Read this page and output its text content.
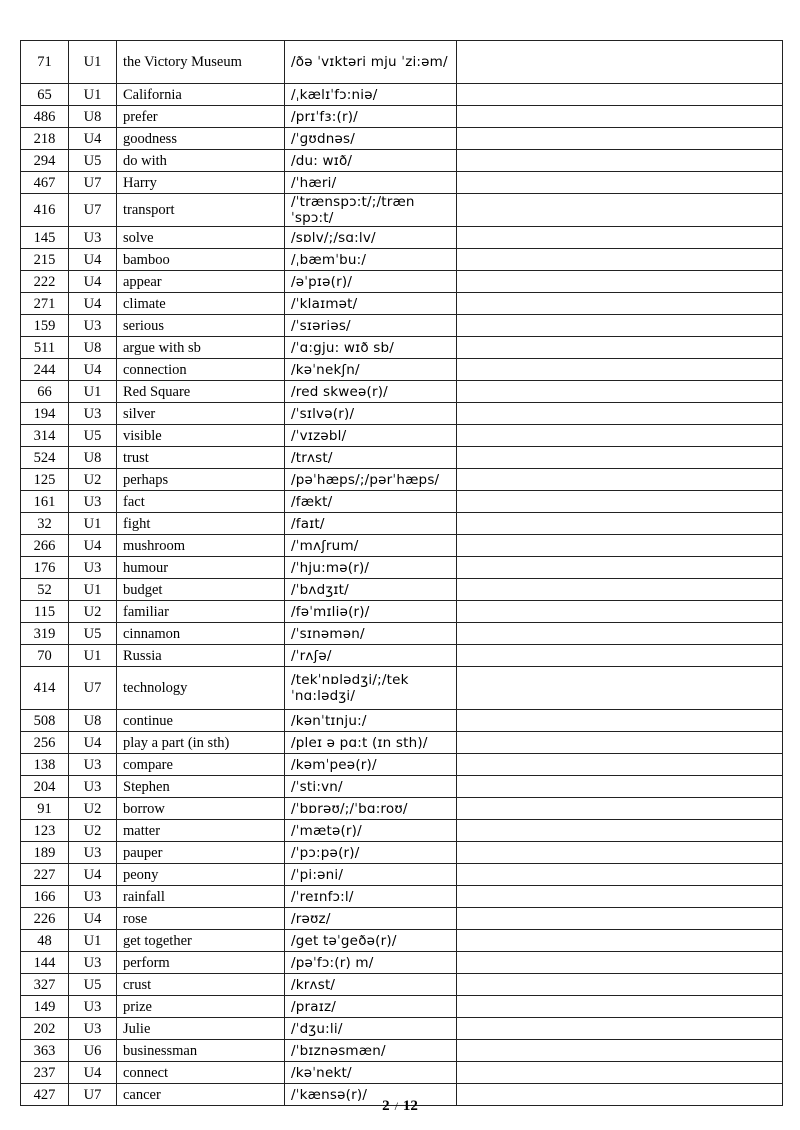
71	U1	the Victory Museum	/ðə ˈvɪktəri mju ˈzi:əm/	
65	U1	California	/ˌkælɪˈfɔ:niə/	
486	U8	prefer	/prɪˈfɜ:(r)/	
218	U4	goodness	/ˈɡʊdnəs/	
294	U5	do with	/du: wɪð/	
467	U7	Harry	/ˈhæri/	
416	U7	transport	/ˈtrænspɔ:t/;/trænˈspɔ:t/	
145	U3	solve	/sɒlv/;/sɑ:lv/	
215	U4	bamboo	/ˌbæmˈbu:/	
222	U4	appear	/əˈpɪə(r)/	
271	U4	climate	/ˈklaɪmət/	
159	U3	serious	/ˈsɪəriəs/	
511	U8	argue with sb	/ˈɑ:gju: wɪð sb/	
244	U4	connection	/kəˈnekʃn/	
66	U1	Red Square	/red skweə(r)/	
194	U3	silver	/ˈsɪlvə(r)/	
314	U5	visible	/ˈvɪzəbl/	
524	U8	trust	/trʌst/	
125	U2	perhaps	/pəˈhæps/;/pərˈhæps/	
161	U3	fact	/fækt/	
32	U1	fight	/faɪt/	
266	U4	mushroom	/ˈmʌʃrum/	
176	U3	humour	/ˈhju:mə(r)/	
52	U1	budget	/ˈbʌdʒɪt/	
115	U2	familiar	/fəˈmɪliə(r)/	
319	U5	cinnamon	/ˈsɪnəmən/	
70	U1	Russia	/ˈrʌʃə/	
414	U7	technology	/tekˈnɒlədʒi/;/tek ˈnɑ:lədʒi/	
508	U8	continue	/kənˈtɪnju:/	
256	U4	play a part (in sth)	/pleɪ ə pɑ:t (ɪn sth)/	
138	U3	compare	/kəmˈpeə(r)/	
204	U3	Stephen	/ˈsti:vn/	
91	U2	borrow	/ˈbɒrəʊ/;/ˈbɑ:roʊ/	
123	U2	matter	/ˈmætə(r)/	
189	U3	pauper	/ˈpɔ:pə(r)/	
227	U4	peony	/ˈpi:əni/	
166	U3	rainfall	/ˈreɪnfɔ:l/	
226	U4	rose	/rəʊz/	
48	U1	get together	/get təˈgeðə(r)/	
144	U3	perform	/pəˈfɔ:(r) m/	
327	U5	crust	/krʌst/	
149	U3	prize	/praɪz/	
202	U3	Julie	/ˈdʒu:li/	
363	U6	businessman	/ˈbɪznəsmæn/	
237	U4	connect	/kəˈnekt/	
427	U7	cancer	/ˈkænsə(r)/	
2 / 12
